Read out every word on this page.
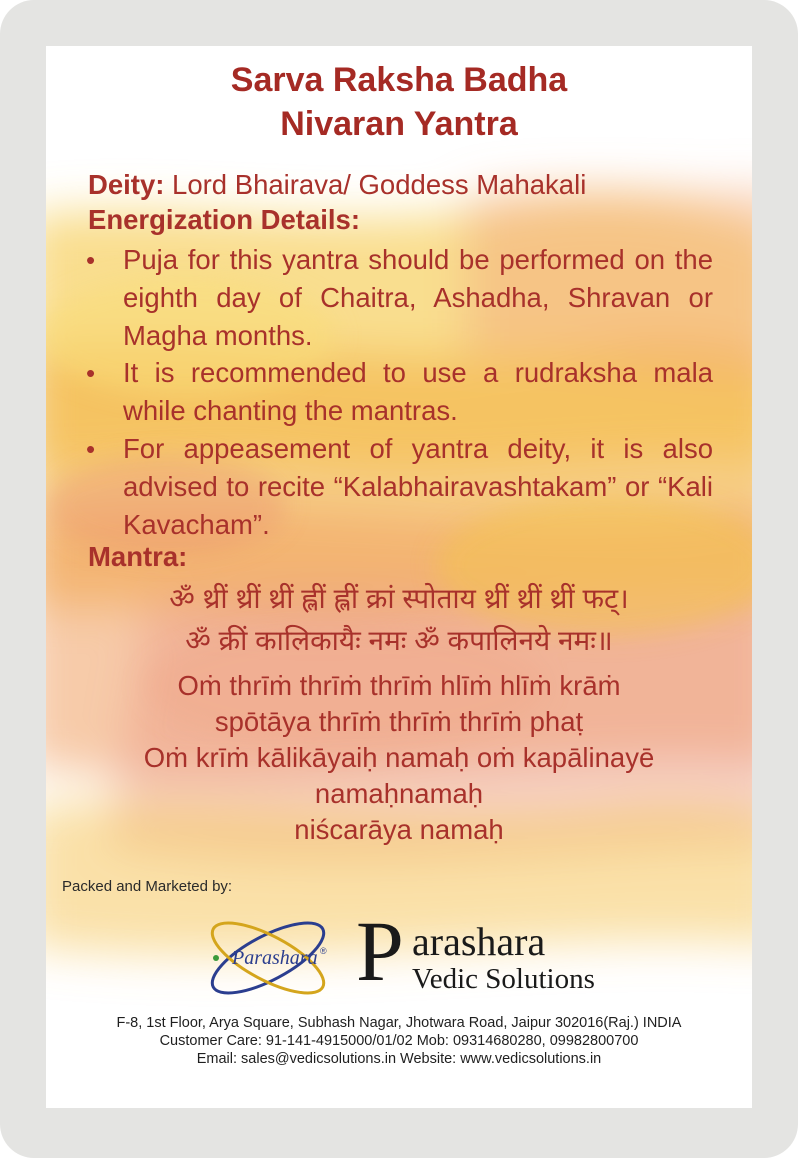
Sarva Raksha Badha
Nivaran Yantra
Deity: Lord Bhairava/ Goddess Mahakali
Energization Details:
• Puja for this yantra should be performed on the eighth day of Chaitra, Ashadha, Shravan or Magha months.
• It is recommended to use a rudraksha mala while chanting the mantras.
• For appeasement of yantra deity, it is also advised to recite “Kalabhairavashtakam” or “Kali Kavacham”.
Mantra:
ॐ थ्रीं थ्रीं थ्रीं ह्लीं ह्लीं क्रां स्पोताय थ्रीं थ्रीं थ्रीं फट्।
ॐ क्रीं कालिकायैः नमः ॐ कपालिनये नमः॥
Oṁ thrīṁ thrīṁ thrīṁ hlīṁ hlīṁ krāṁ
spōtāya thrīṁ thrīṁ thrīṁ phaṭ
Oṁ krīṁ kālikāyaiḥ namaḥ oṁ kapālinayē
namaḥnamaḥ
niścarāya namaḥ
Packed and Marketed by:
Parashara ® P arashara
Vedic Solutions
F-8, 1st Floor, Arya Square, Subhash Nagar, Jhotwara Road, Jaipur 302016(Raj.) INDIA
Customer Care: 91-141-4915000/01/02 Mob: 09314680280, 09982800700
Email: sales@vedicsolutions.in Website: www.vedicsolutions.in
